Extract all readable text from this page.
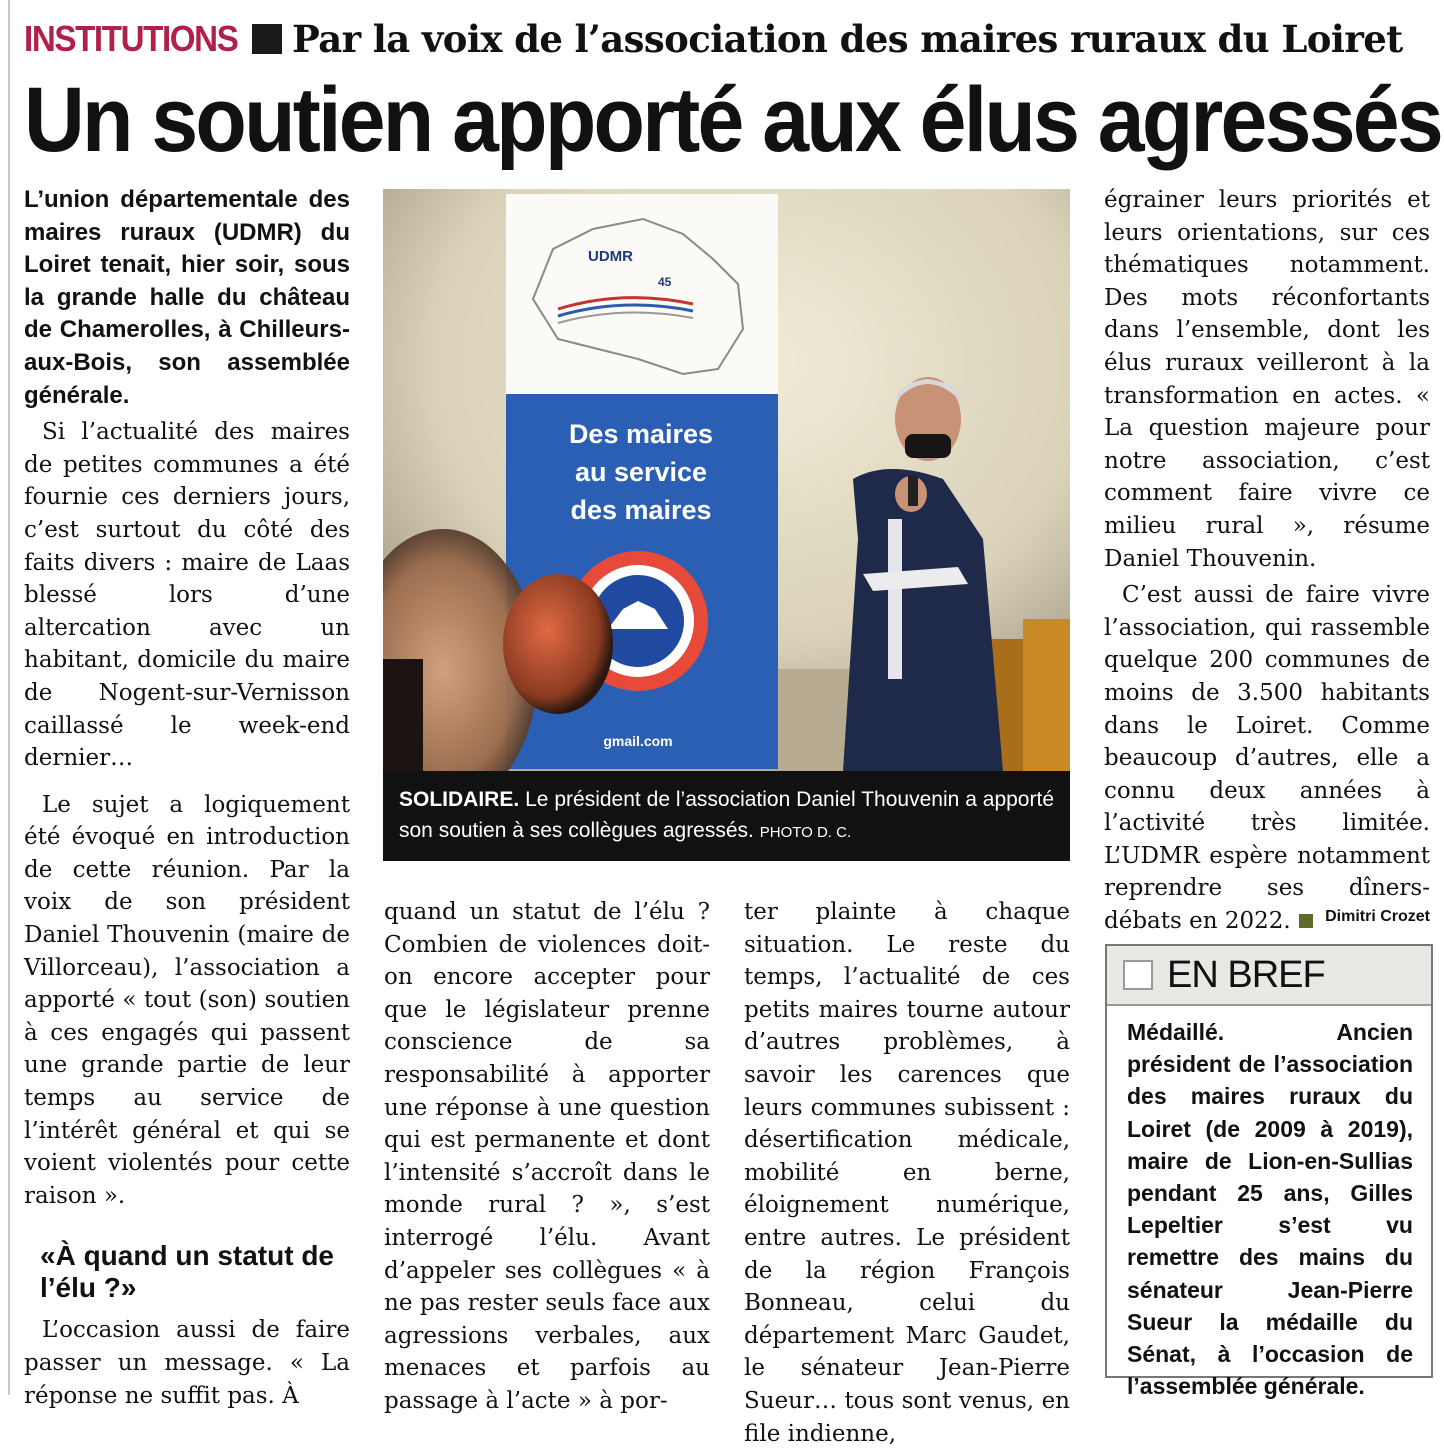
INSTITUTIONS Par la voix de l’association des maires ruraux du Loiret
Un soutien apporté aux élus agressés

L’union départementale des maires ruraux (UDMR) du Loiret tenait, hier soir, sous la grande halle du château de Chamerolles, à Chilleurs-aux-Bois, son assemblée générale.

Si l’actualité des maires de petites communes a été fournie ces derniers jours, c’est surtout du côté des faits divers : maire de Laas blessé lors d’une altercation avec un habitant, domicile du maire de Nogent-sur-Vernisson caillassé le week-end dernier…

Le sujet a logiquement été évoqué en introduction de cette réunion. Par la voix de son président Daniel Thouvenin (maire de Villorceau), l’association a apporté « tout (son) soutien à ces engagés qui passent une grande partie de leur temps au service de l’intérêt général et qui se voient violentés pour cette raison ».

«À quand un statut de l’élu ?»

L’occasion aussi de faire passer un message. « La réponse ne suffit pas. À

UDMR
45
Des maires
au service
des maires
gmail.com
SOLIDAIRE. Le président de l’association Daniel Thouvenin a apporté son soutien à ses collègues agressés. PHOTO D. C.

quand un statut de l’élu ? Combien de violences doit-on encore accepter pour que le législateur prenne conscience de sa responsabilité à apporter une réponse à une question qui est permanente et dont l’intensité s’accroît dans le monde rural ? », s’est interrogé l’élu. Avant d’appeler ses collègues « à ne pas rester seuls face aux agressions verbales, aux menaces et parfois au passage à l’acte » à por-

ter plainte à chaque situation. Le reste du temps, l’actualité de ces petits maires tourne autour d’autres problèmes, à savoir les carences que leurs communes subissent : désertification médicale, mobilité en berne, éloignement numérique, entre autres. Le président de la région François Bonneau, celui du département Marc Gaudet, le sénateur Jean-Pierre Sueur… tous sont venus, en file indienne,

égrainer leurs priorités et leurs orientations, sur ces thématiques notamment. Des mots réconfortants dans l’ensemble, dont les élus ruraux veilleront à la transformation en actes. « La question majeure pour notre association, c’est comment faire vivre ce milieu rural », résume Daniel Thouvenin.

C’est aussi de faire vivre l’association, qui rassemble quelque 200 communes de moins de 3.500 habitants dans le Loiret. Comme beaucoup d’autres, elle a connu deux années à l’activité très limitée. L’UDMR espère notamment reprendre ses dîners-débats en 2022.	Dimitri Crozet
EN BREF
Médaillé.	Ancien président de l’association des maires ruraux du Loiret (de 2009 à 2019), maire de Lion-en-Sullias pendant 25 ans, Gilles Lepeltier s’est vu remettre des mains du sénateur Jean-Pierre Sueur la médaille du Sénat, à l’occasion de l’assemblée générale.
